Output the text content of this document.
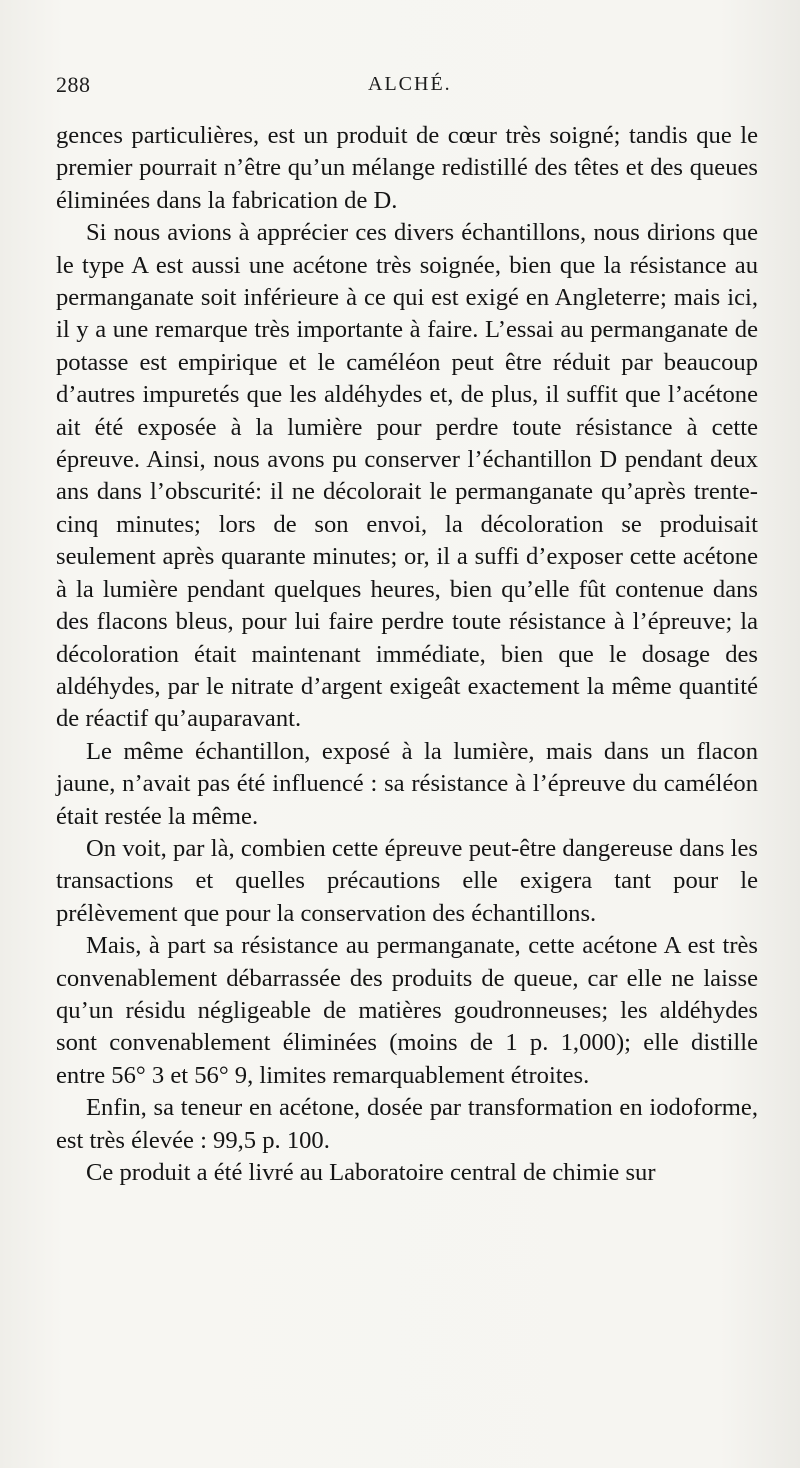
288	ALCHÉ.

gences particulières, est un produit de cœur très soigné; tandis que le premier pourrait n’être qu’un mélange redistillé des têtes et des queues éliminées dans la fabrication de D.

Si nous avions à apprécier ces divers échantillons, nous dirions que le type A est aussi une acétone très soignée, bien que la résistance au permanganate soit inférieure à ce qui est exigé en Angleterre; mais ici, il y a une remarque très importante à faire. L’essai au permanganate de potasse est empirique et le caméléon peut être réduit par beaucoup d’autres impuretés que les aldéhydes et, de plus, il suffit que l’acétone ait été exposée à la lumière pour perdre toute résistance à cette épreuve. Ainsi, nous avons pu conserver l’échantillon D pendant deux ans dans l’obscurité: il ne décolorait le permanganate qu’après trente-cinq minutes; lors de son envoi, la décoloration se produisait seulement après quarante minutes; or, il a suffi d’exposer cette acétone à la lumière pendant quelques heures, bien qu’elle fût contenue dans des flacons bleus, pour lui faire perdre toute résistance à l’épreuve; la décoloration était maintenant immédiate, bien que le dosage des aldéhydes, par le nitrate d’argent exigeât exactement la même quantité de réactif qu’auparavant.

Le même échantillon, exposé à la lumière, mais dans un flacon jaune, n’avait pas été influencé : sa résistance à l’épreuve du caméléon était restée la même.

On voit, par là, combien cette épreuve peut-être dangereuse dans les transactions et quelles précautions elle exigera tant pour le prélèvement que pour la conservation des échantillons.

Mais, à part sa résistance au permanganate, cette acétone A est très convenablement débarrassée des produits de queue, car elle ne laisse qu’un résidu négligeable de matières goudronneuses; les aldéhydes sont convenablement éliminées (moins de 1 p. 1,000); elle distille entre 56° 3 et 56° 9, limites remarquablement étroites.

Enfin, sa teneur en acétone, dosée par transformation en iodoforme, est très élevée : 99,5 p. 100.

Ce produit a été livré au Laboratoire central de chimie sur
